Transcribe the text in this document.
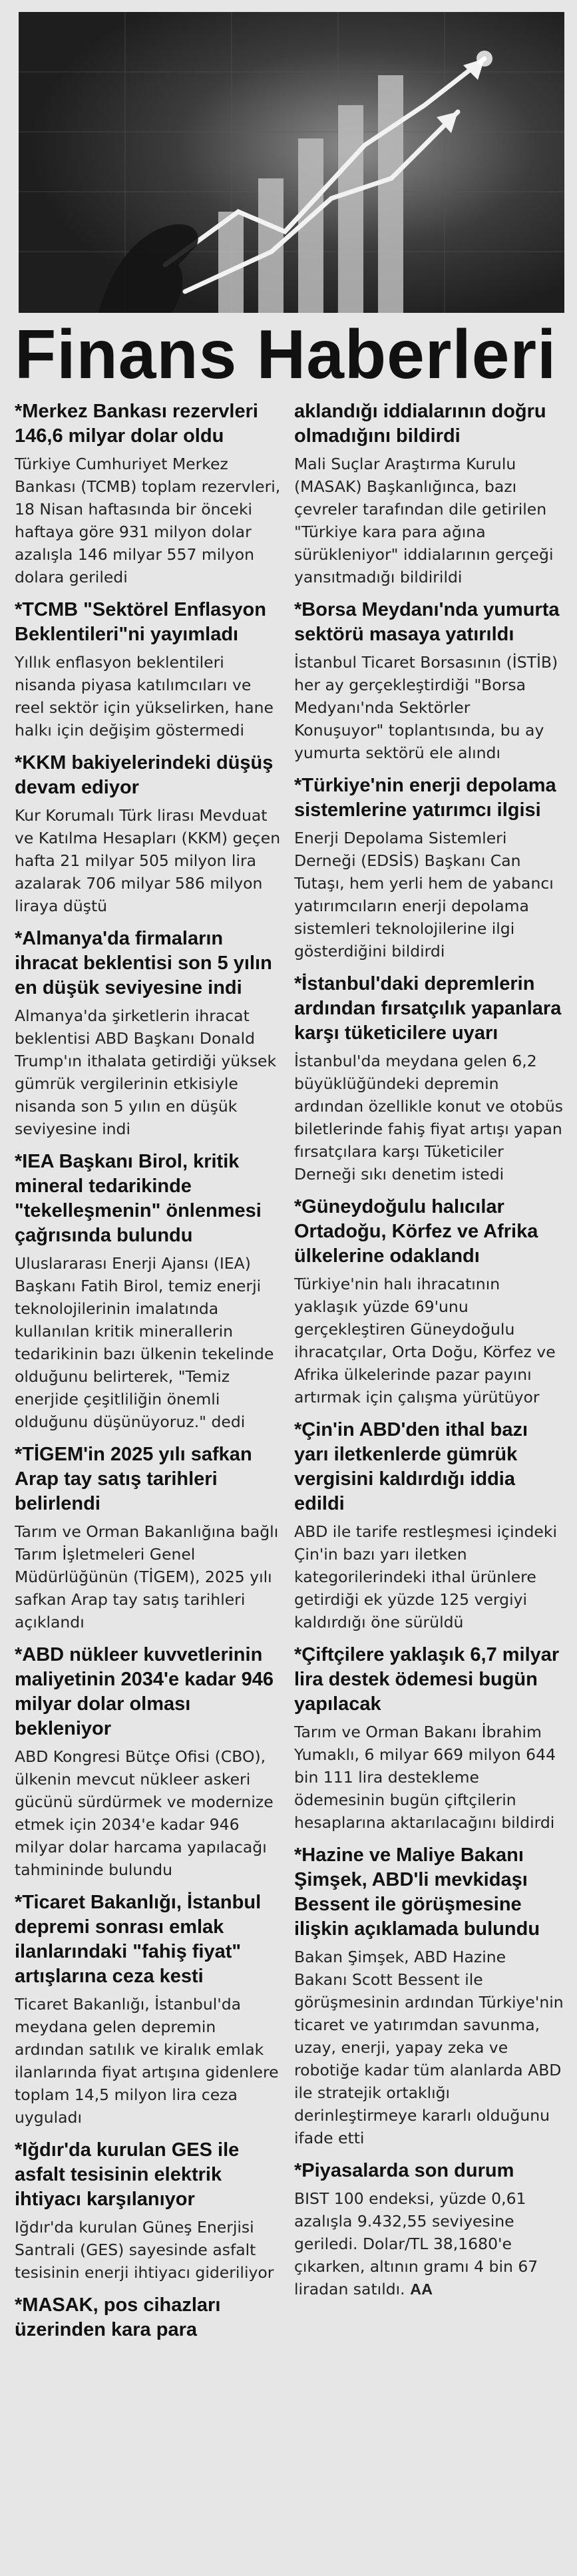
Finans Haberleri
*Merkez Bankası rezervleri 146,6 milyar dolar oldu

Türkiye Cumhuriyet Merkez Bankası (TCMB) toplam rezervleri, 18 Nisan haftasında bir önceki haftaya göre 931 milyon dolar azalışla 146 milyar 557 milyon dolara geriledi

*TCMB "Sektörel Enflasyon Beklentileri"ni yayımladı

Yıllık enflasyon beklentileri nisanda piyasa katılımcıları ve reel sektör için yükselirken, hane halkı için değişim göstermedi

*KKM bakiyelerindeki düşüş devam ediyor

Kur Korumalı Türk lirası Mevduat ve Katılma Hesapları (KKM) geçen hafta 21 milyar 505 milyon lira azalarak 706 milyar 586 milyon liraya düştü

*Almanya'da firmaların ihracat beklentisi son 5 yılın en düşük seviyesine indi

Almanya'da şirketlerin ihracat beklentisi ABD Başkanı Donald Trump'ın ithalata getirdiği yüksek gümrük vergilerinin etkisiyle nisanda son 5 yılın en düşük seviyesine indi

*IEA Başkanı Birol, kritik mineral tedarikinde "tekelleşmenin" önlenmesi çağrısında bulundu

Uluslararası Enerji Ajansı (IEA) Başkanı Fatih Birol, temiz enerji teknolojilerinin imalatında kullanılan kritik minerallerin tedarikinin bazı ülkenin tekelinde olduğunu belirterek, "Temiz enerjide çeşitliliğin önemli olduğunu düşünüyoruz." dedi

*TİGEM'in 2025 yılı safkan Arap tay satış tarihleri belirlendi

Tarım ve Orman Bakanlığına bağlı Tarım İşletmeleri Genel Müdürlüğünün (TİGEM), 2025 yılı safkan Arap tay satış tarihleri açıklandı

*ABD nükleer kuvvetlerinin maliyetinin 2034'e kadar 946 milyar dolar olması bekleniyor

ABD Kongresi Bütçe Ofisi (CBO), ülkenin mevcut nükleer askeri gücünü sürdürmek ve modernize etmek için 2034'e kadar 946 milyar dolar harcama yapılacağı tahmininde bulundu

*Ticaret Bakanlığı, İstanbul depremi sonrası emlak ilanlarındaki "fahiş fiyat" artışlarına ceza kesti

Ticaret Bakanlığı, İstanbul'da meydana gelen depremin ardından satılık ve kiralık emlak ilanlarında fiyat artışına gidenlere toplam 14,5 milyon lira ceza uyguladı

*Iğdır'da kurulan GES ile asfalt tesisinin elektrik ihtiyacı karşılanıyor

Iğdır'da kurulan Güneş Enerjisi Santrali (GES) sayesinde asfalt tesisinin enerji ihtiyacı gideriliyor

*MASAK, pos cihazları üzerinden kara para
aklandığı iddialarının doğru olmadığını bildirdi

Mali Suçlar Araştırma Kurulu (MASAK) Başkanlığınca, bazı çevreler tarafından dile getirilen "Türkiye kara para ağına sürükleniyor" iddialarının gerçeği yansıtmadığı bildirildi

*Borsa Meydanı'nda yumurta sektörü masaya yatırıldı

İstanbul Ticaret Borsasının (İSTİB) her ay gerçekleştirdiği "Borsa Medyanı'nda Sektörler Konuşuyor" toplantısında, bu ay yumurta sektörü ele alındı

*Türkiye'nin enerji depolama sistemlerine yatırımcı ilgisi

Enerji Depolama Sistemleri Derneği (EDSİS) Başkanı Can Tutaşı, hem yerli hem de yabancı yatırımcıların enerji depolama sistemleri teknolojilerine ilgi gösterdiğini bildirdi

*İstanbul'daki depremlerin ardından fırsatçılık yapanlara karşı tüketicilere uyarı

İstanbul'da meydana gelen 6,2 büyüklüğündeki depremin ardından özellikle konut ve otobüs biletlerinde fahiş fiyat artışı yapan fırsatçılara karşı Tüketiciler Derneği sıkı denetim istedi

*Güneydoğulu halıcılar Ortadoğu, Körfez ve Afrika ülkelerine odaklandı

Türkiye'nin halı ihracatının yaklaşık yüzde 69'unu gerçekleştiren Güneydoğulu ihracatçılar, Orta Doğu, Körfez ve Afrika ülkelerinde pazar payını artırmak için çalışma yürütüyor

*Çin'in ABD'den ithal bazı yarı iletkenlerde gümrük vergisini kaldırdığı iddia edildi

ABD ile tarife restleşmesi içindeki Çin'in bazı yarı iletken kategorilerindeki ithal ürünlere getirdiği ek yüzde 125 vergiyi kaldırdığı öne sürüldü

*Çiftçilere yaklaşık 6,7 milyar lira destek ödemesi bugün yapılacak

Tarım ve Orman Bakanı İbrahim Yumaklı, 6 milyar 669 milyon 644 bin 111 lira destekleme ödemesinin bugün çiftçilerin hesaplarına aktarılacağını bildirdi

*Hazine ve Maliye Bakanı Şimşek, ABD'li mevkidaşı Bessent ile görüşmesine ilişkin açıklamada bulundu

Bakan Şimşek, ABD Hazine Bakanı Scott Bessent ile görüşmesinin ardından Türkiye'nin ticaret ve yatırımdan savunma, uzay, enerji, yapay zeka ve robotiğe kadar tüm alanlarda ABD ile stratejik ortaklığı derinleştirmeye kararlı olduğunu ifade etti

*Piyasalarda son durum

BIST 100 endeksi, yüzde 0,61 azalışla 9.432,55 seviyesine geriledi. Dolar/TL 38,1680'e çıkarken, altının gramı 4 bin 67 liradan satıldı. AA
